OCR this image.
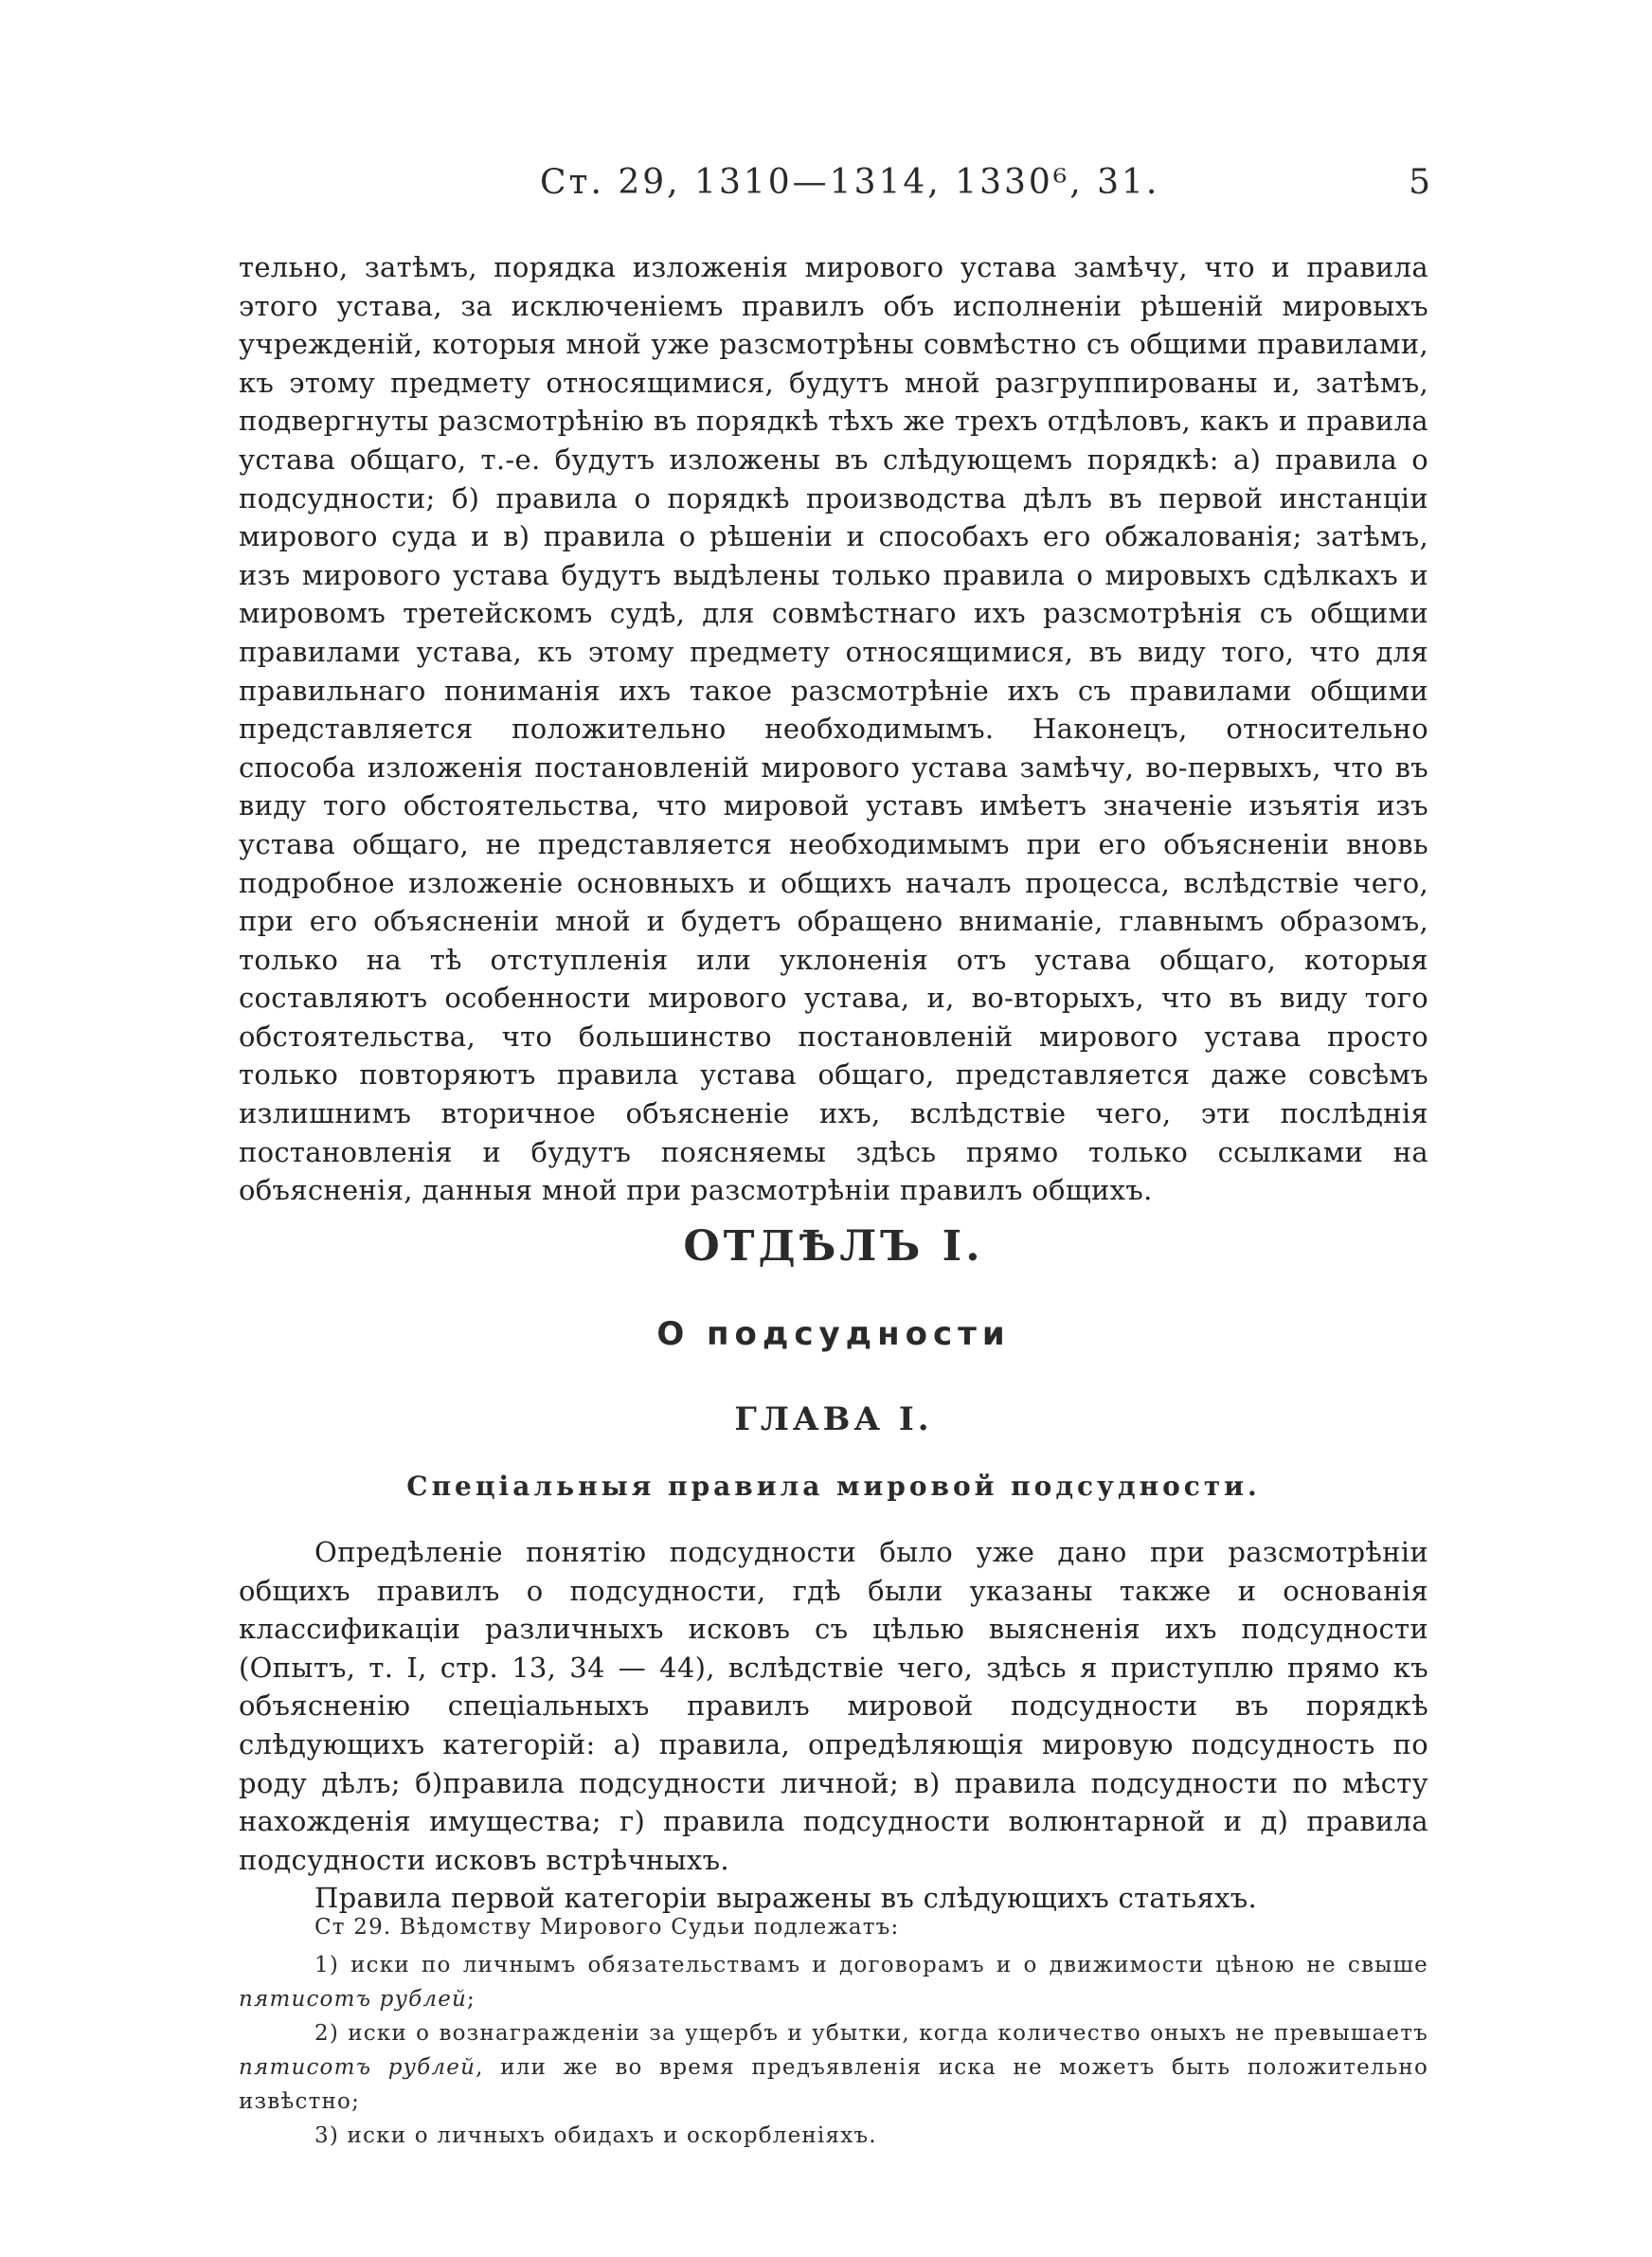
Ст. 29, 1310—1314, 1330⁶, 31.	5

тельно, затѣмъ, порядка изложенія мирового устава замѣчу, что и правила этого устава, за исключеніемъ правилъ объ исполненіи рѣшеній мировыхъ учрежденій, которыя мной уже разсмотрѣны совмѣстно съ общими правилами, къ этому предмету относящимися, будутъ мной разгруппированы и, затѣмъ, подвергнуты разсмотрѣнію въ порядкѣ тѣхъ же трехъ отдѣловъ, какъ и правила устава общаго, т.-е. будутъ изложены въ слѣдующемъ порядкѣ: а) правила о подсудности; б) правила о порядкѣ производства дѣлъ въ первой инстанціи мирового суда и в) правила о рѣшеніи и способахъ его обжалованія; затѣмъ, изъ мирового устава будутъ выдѣлены только правила о мировыхъ сдѣлкахъ и мировомъ третейскомъ судѣ, для совмѣстнаго ихъ разсмотрѣнія съ общими правилами устава, къ этому предмету относящимися, въ виду того, что для правильнаго пониманія ихъ такое разсмотрѣніе ихъ съ правилами общими представляется положительно необходимымъ. Наконецъ, относительно способа изложенія постановленій мирового устава замѣчу, во-первыхъ, что въ виду того обстоятельства, что мировой уставъ имѣетъ значеніе изъятія изъ устава общаго, не представляется необходимымъ при его объясненіи вновь подробное изложеніе основныхъ и общихъ началъ процесса, вслѣдствіе чего, при его объясненіи мной и будетъ обращено вниманіе, главнымъ образомъ, только на тѣ отступленія или уклоненія отъ устава общаго, которыя составляютъ особенности мирового устава, и, во-вторыхъ, что въ виду того обстоятельства, что большинство постановленій мирового устава просто только повторяютъ правила устава общаго, представляется даже совсѣмъ излишнимъ вторичное объясненіе ихъ, вслѣдствіе чего, эти послѣднія постановленія и будутъ поясняемы здѣсь прямо только ссылками на объясненія, данныя мной при разсмотрѣніи правилъ общихъ.

ОТДѢЛЪ I.
О подсудности
ГЛАВА I.
Спеціальныя правила мировой подсудности.

Опредѣленіе понятію подсудности было уже дано при разсмотрѣніи общихъ правилъ о подсудности, гдѣ были указаны также и основанія классификаціи различныхъ исковъ съ цѣлью выясненія ихъ подсудности (Опытъ, т. I, стр. 13, 34 — 44), вслѣдствіе чего, здѣсь я приступлю прямо къ объясненію спеціальныхъ правилъ мировой подсудности въ порядкѣ слѣдующихъ категорій: а) правила, опредѣляющія мировую подсудность по роду дѣлъ; б)правила подсудности личной; в) правила подсудности по мѣсту нахожденія имущества; г) правила подсудности волюнтарной и д) правила подсудности исковъ встрѣчныхъ.

Правила первой категоріи выражены въ слѣдующихъ статьяхъ.

Ст 29. Вѣдомству Мирового Судьи подлежатъ:

1) иски по личнымъ обязательствамъ и договорамъ и о движимости цѣною не свыше пятисотъ рублей;

2) иски о вознагражденіи за ущербъ и убытки, когда количество оныхъ не превышаетъ пятисотъ рублей, или же во время предъявленія иска не можетъ быть положительно извѣстно;

3) иски о личныхъ обидахъ и оскорбленіяхъ.
